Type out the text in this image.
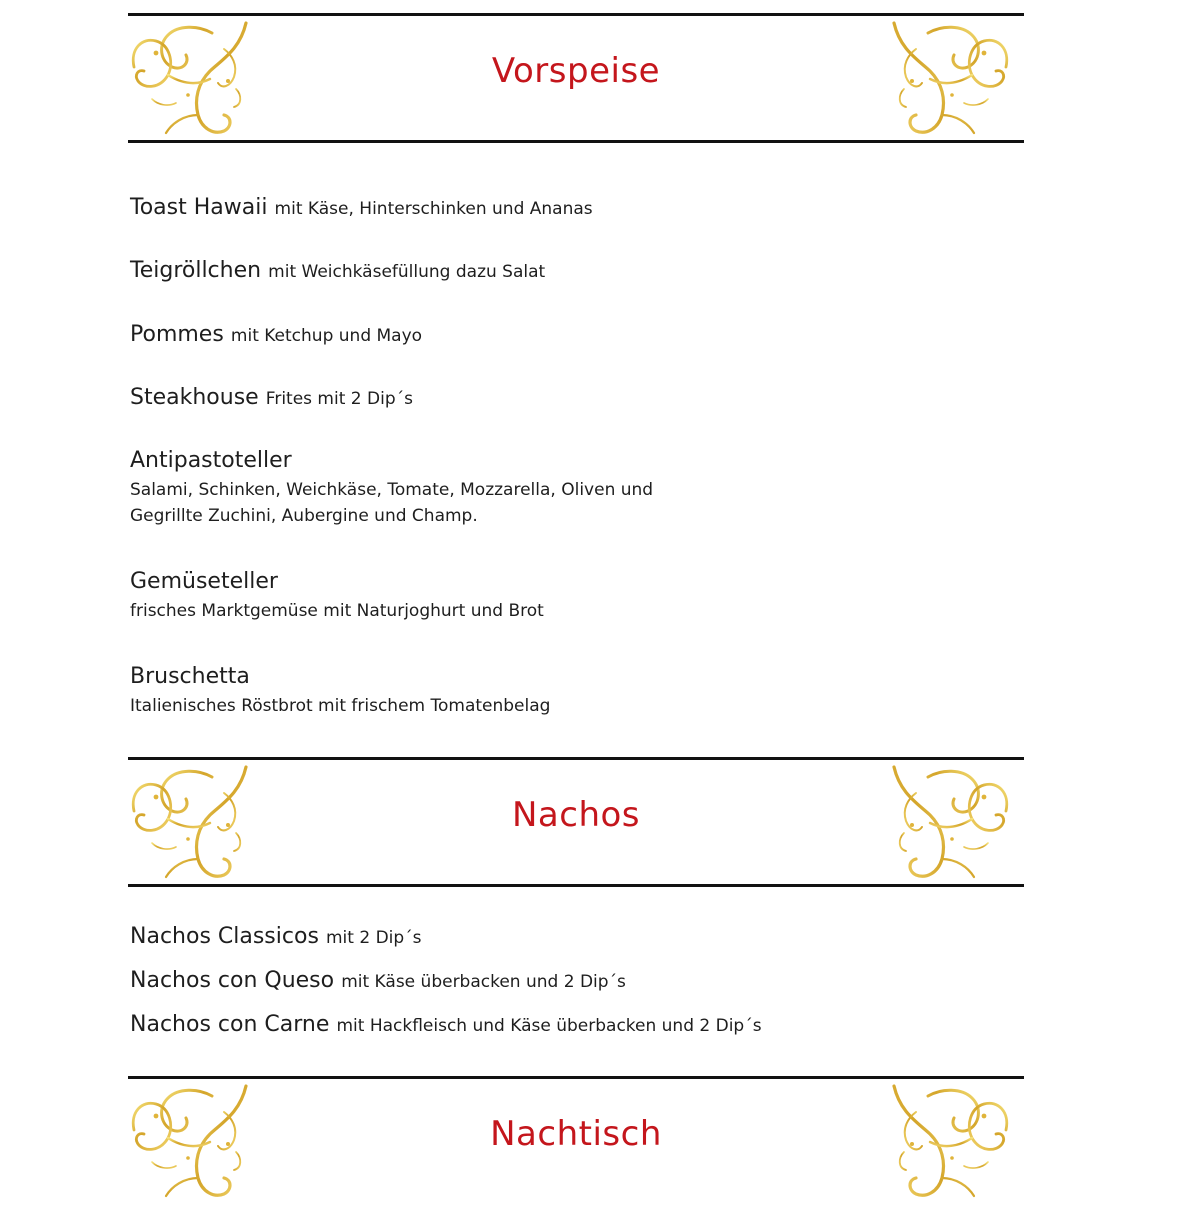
Vorspeise
Toast Hawaii mit Käse, Hinterschinken und Ananas
Teigröllchen mit Weichkäsefüllung dazu Salat
Pommes mit Ketchup und Mayo
Steakhouse Frites mit 2 Dip´s
Antipastoteller
Salami, Schinken, Weichkäse, Tomate, Mozzarella, Oliven und
Gegrillte Zuchini, Aubergine und Champ.
Gemüseteller
frisches Marktgemüse mit Naturjoghurt und Brot
Bruschetta
Italienisches Röstbrot mit frischem Tomatenbelag
Nachos
Nachos Classicos mit 2 Dip´s
Nachos con Queso mit Käse überbacken und 2 Dip´s
Nachos con Carne mit Hackfleisch und Käse überbacken und 2 Dip´s
Nachtisch
